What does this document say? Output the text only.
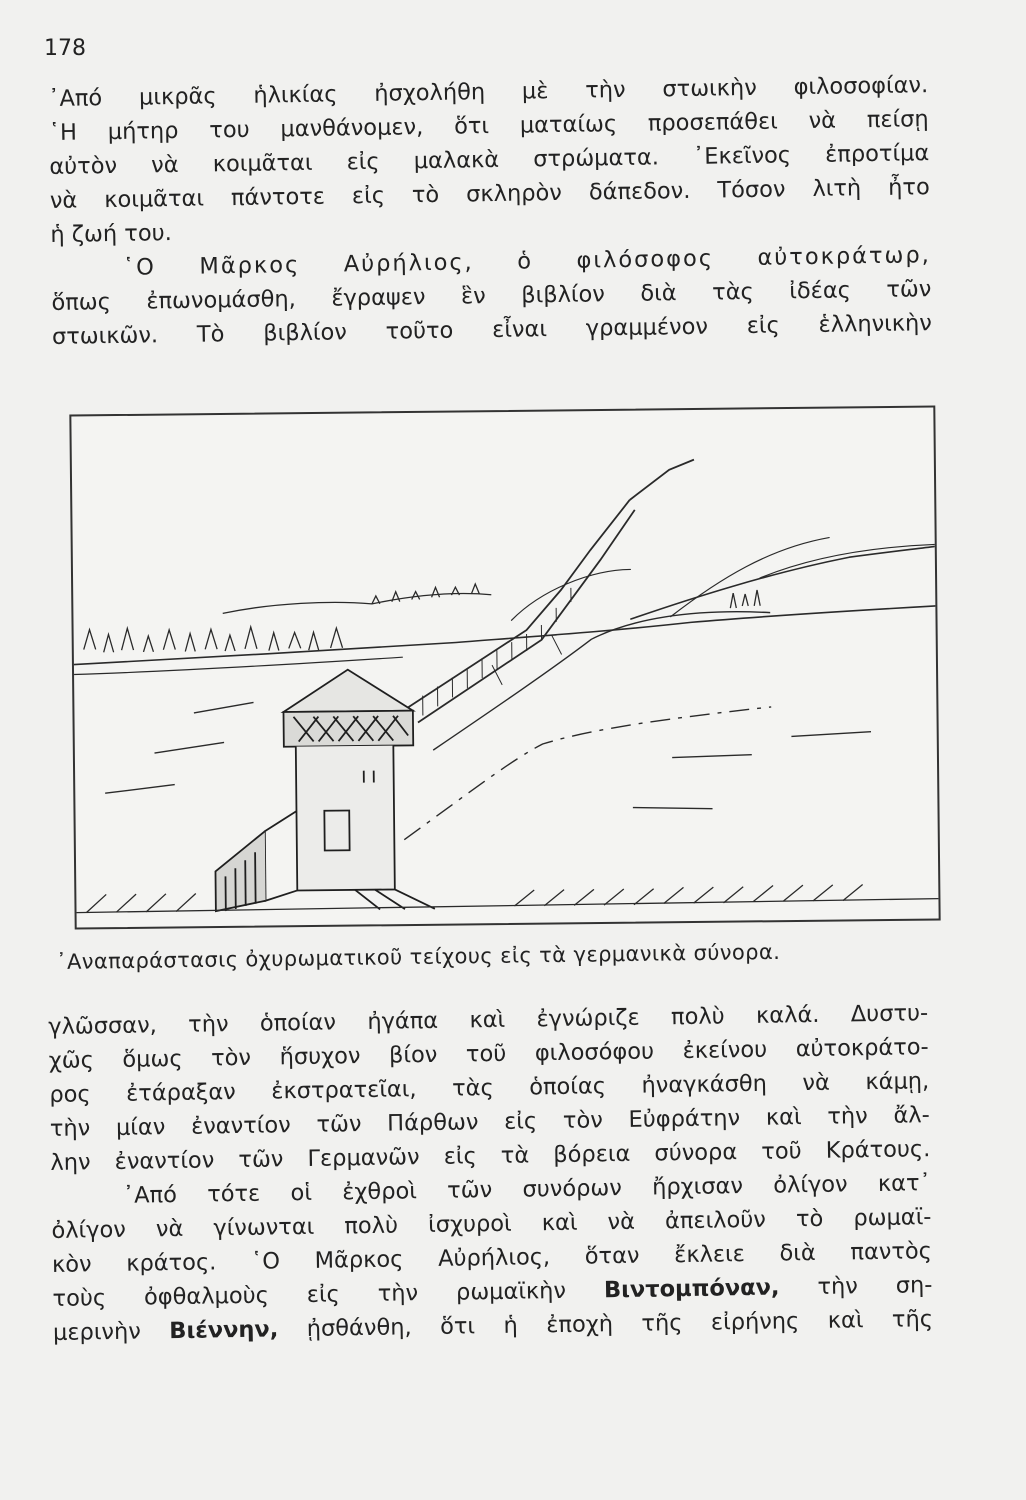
178

᾽Από μικρᾶς ἡλικίας ἠσχολήθη μὲ τὴν στωικὴν φιλοσοφίαν.
῾Η μήτηρ του μανθάνομεν, ὅτι ματαίως προσεπάθει νὰ πείσῃ
αὐτὸν νὰ κοιμᾶται εἰς μαλακὰ στρώματα. ᾽Εκεῖνος ἐπροτίμα
νὰ κοιμᾶται πάντοτε εἰς τὸ σκληρὸν δάπεδον. Τόσον λιτὴ ἦτο
ἡ ζωή του.
῾Ο Μᾶρκος Αὐρήλιος, ὁ φιλόσοφος αὐτοκράτωρ,
ὅπως ἐπωνομάσθη, ἔγραψεν ἓν βιβλίον διὰ τὰς ἰδέας τῶν
στωικῶν. Τὸ βιβλίον τοῦτο εἶναι γραμμένον εἰς ἑλληνικὴν

᾽Αναπαράστασις ὀχυρωματικοῦ τείχους εἰς τὰ γερμανικὰ σύνορα.

γλῶσσαν, τὴν ὁποίαν ἠγάπα καὶ ἐγνώριζε πολὺ καλά. Δυστυ-
χῶς ὅμως τὸν ἥσυχον βίον τοῦ φιλοσόφου ἐκείνου αὐτοκράτο-
ρος ἐτάραξαν ἐκστρατεῖαι, τὰς ὁποίας ἠναγκάσθη νὰ κάμῃ,
τὴν μίαν ἐναντίον τῶν Πάρθων εἰς τὸν Εὐφράτην καὶ τὴν ἄλ-
λην ἐναντίον τῶν Γερμανῶν εἰς τὰ βόρεια σύνορα τοῦ Κράτους.
᾽Από τότε οἱ ἐχθροὶ τῶν συνόρων ἤρχισαν ὀλίγον κατ᾽
ὀλίγον νὰ γίνωνται πολὺ ἰσχυροὶ καὶ νὰ ἀπειλοῦν τὸ ρωμαϊ-
κὸν κράτος. ῾Ο Μᾶρκος Αὐρήλιος, ὅταν ἔκλειε διὰ παντὸς
τοὺς ὀφθαλμοὺς εἰς τὴν ρωμαϊκὴν Βιντομπόναν, τὴν ση-
μερινὴν Βιέννην, ᾐσθάνθη, ὅτι ἡ ἐποχὴ τῆς εἰρήνης καὶ τῆς
